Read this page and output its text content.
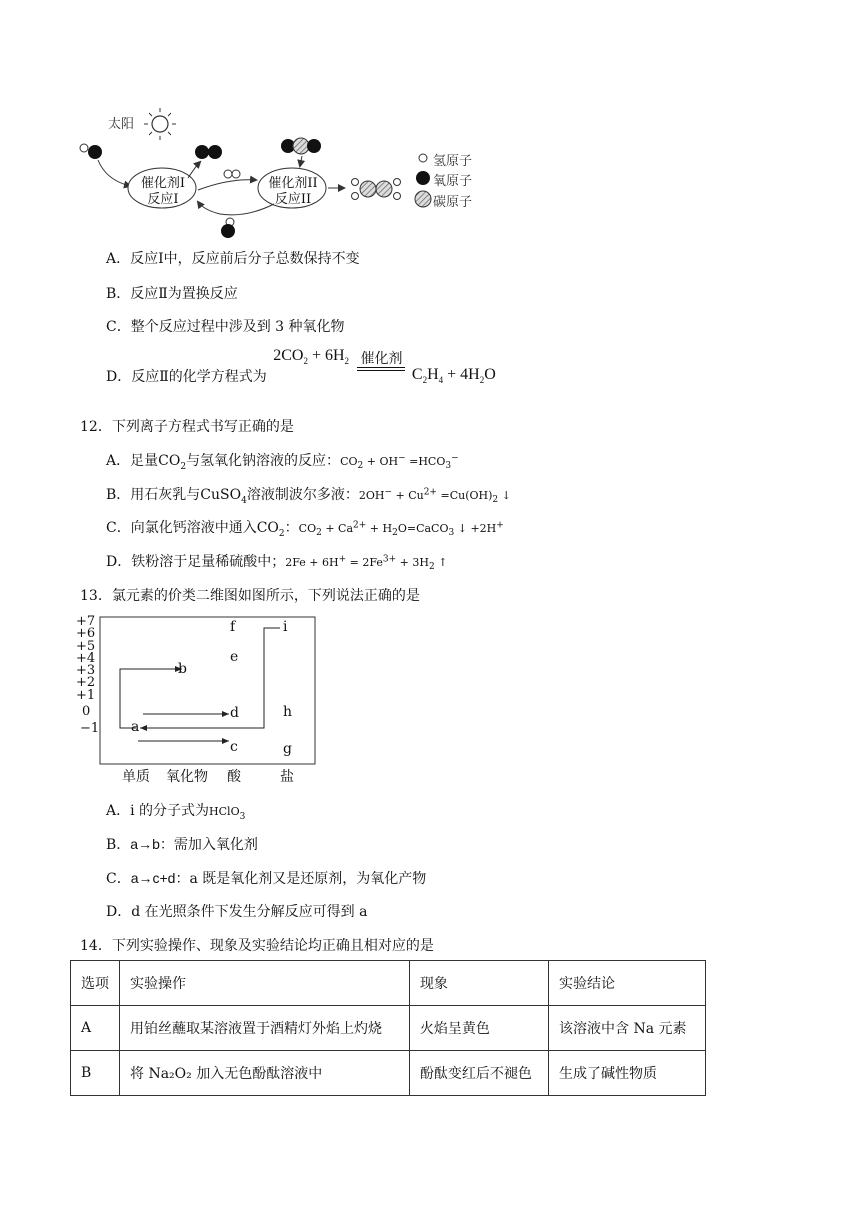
太阳
催化剂I
反应I
催化剂II
反应II
氢原子
氧原子
碳原子
A．反应Ⅰ中，反应前后分子总数保持不变
B．反应Ⅱ为置换反应
C．整个反应过程中涉及到 3 种氧化物
D．反应Ⅱ的化学方程式为 $2CO_2 + 6H_2$ 催化剂
$C_2H_4 + 4H_2O$
12．下列离子方程式书写正确的是
A．足量$CO_2$与氢氧化钠溶液的反应：$CO_2 + OH^- =HCO_3^-$
B．用石灰乳与CuSO$_4$溶液制波尔多液：$2OH^- + Cu^{2+} =Cu(OH)_2$ ↓
C．向氯化钙溶液中通入$CO_2$：$CO_2 + Ca^{2+}$ + $H_2O=CaCO_3$ ↓ +2H+
D．铁粉溶于足量稀硫酸中；$2Fe + 6H^+ = 2Fe^{3+} + 3H_2$ ↑
13．氯元素的价类二维图如图所示，下列说法正确的是
+7
+6
+5
+4
+3
+2
+1
0
−1 a
b
c
d
e
f
g
h
i
单质 氧化物 酸	盐
A．i 的分子式为HClO$_3$
B．a→b：需加入氧化剂
C．a→c+d：a 既是氧化剂又是还原剂，为氧化产物
D．d 在光照条件下发生分解反应可得到 a
14．下列实验操作、现象及实验结论均正确且相对应的是
选项	实验操作	现象	实验结论
A	用铂丝蘸取某溶液置于酒精灯外焰上灼烧	火焰呈黄色	该溶液中含 Na 元素
B	将 Na₂O₂ 加入无色酚酞溶液中	酚酞变红后不褪色	生成了碱性物质
